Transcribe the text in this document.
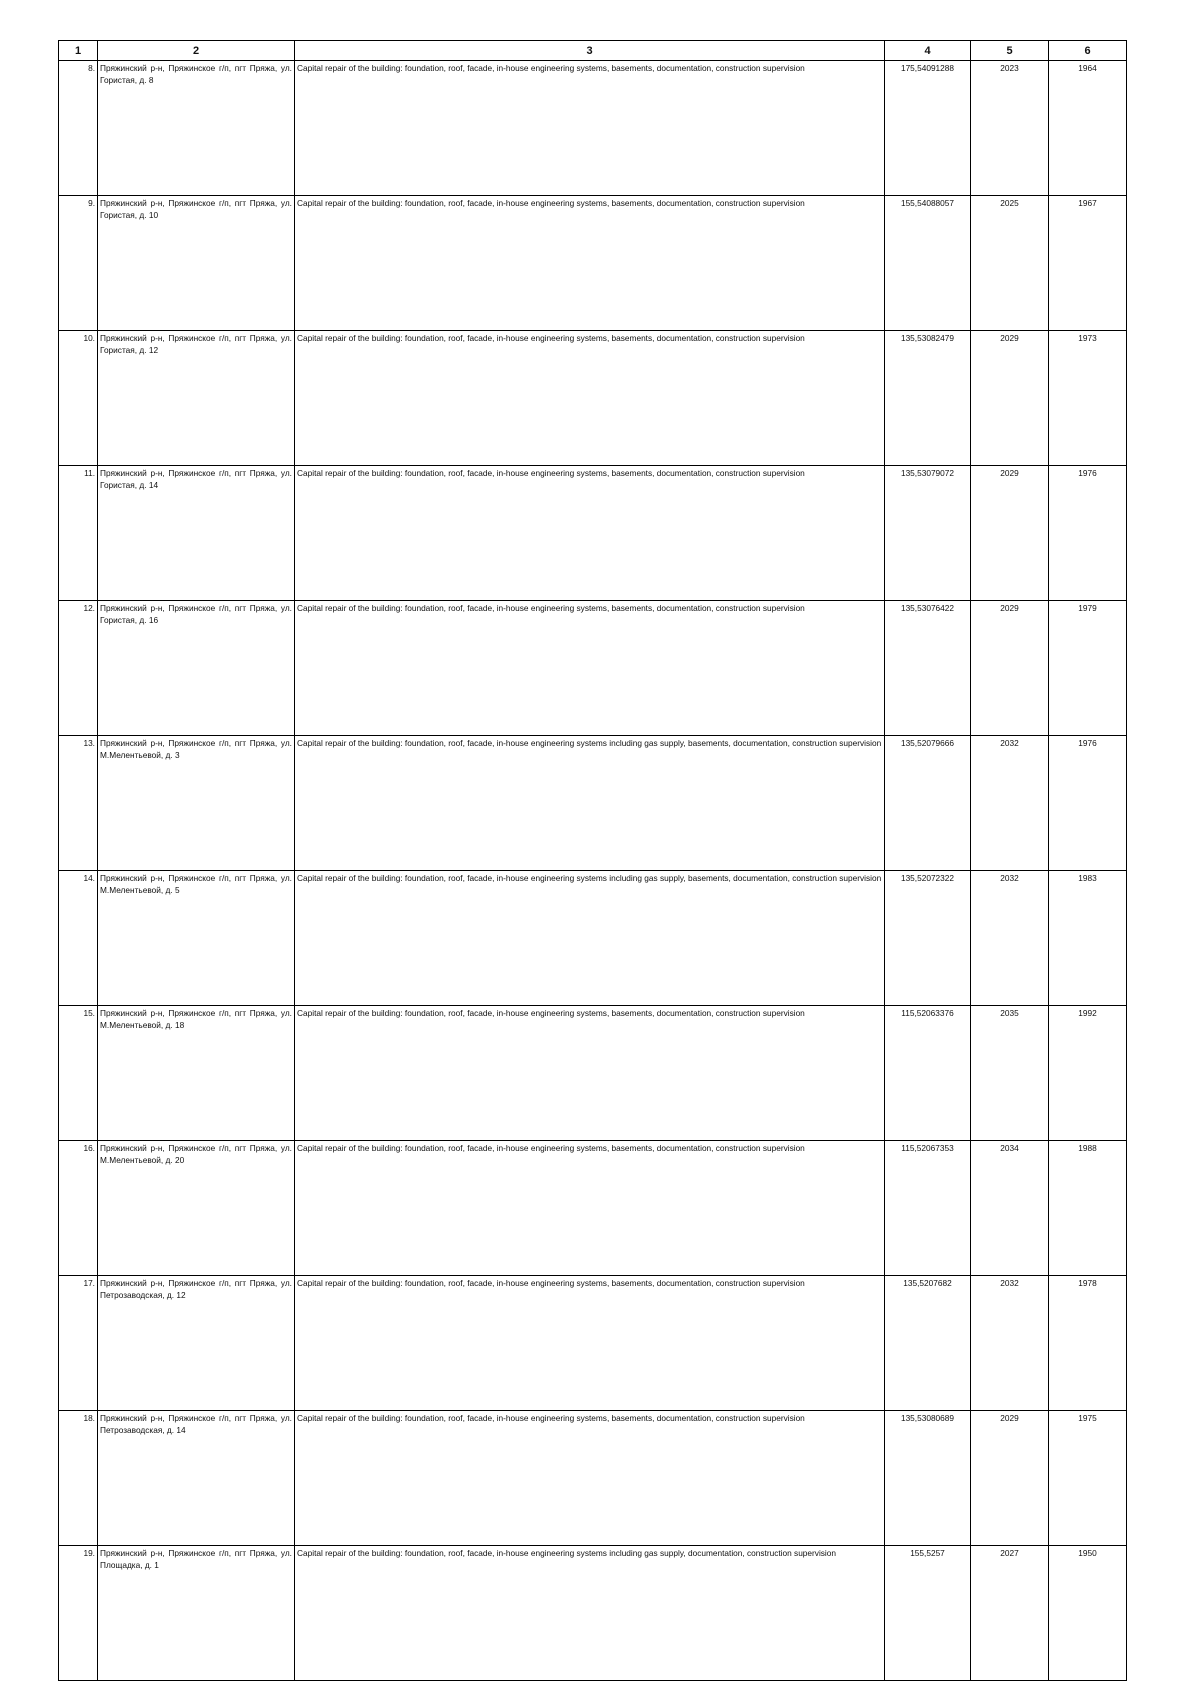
1	2	3	4	5	6
8.	Пряжинский р-н, Пряжинское г/п, пгт Пряжа, ул. Гористая, д. 8	Capital repair of the building: foundation, roof, facade, in-house engineering systems, basements, documentation, construction supervision	175,54091288	2023	1964
9.	Пряжинский р-н, Пряжинское г/п, пгт Пряжа, ул. Гористая, д. 10	Capital repair of the building: foundation, roof, facade, in-house engineering systems, basements, documentation, construction supervision	155,54088057	2025	1967
10.	Пряжинский р-н, Пряжинское г/п, пгт Пряжа, ул. Гористая, д. 12	Capital repair of the building: foundation, roof, facade, in-house engineering systems, basements, documentation, construction supervision	135,53082479	2029	1973
11.	Пряжинский р-н, Пряжинское г/п, пгт Пряжа, ул. Гористая, д. 14	Capital repair of the building: foundation, roof, facade, in-house engineering systems, basements, documentation, construction supervision	135,53079072	2029	1976
12.	Пряжинский р-н, Пряжинское г/п, пгт Пряжа, ул. Гористая, д. 16	Capital repair of the building: foundation, roof, facade, in-house engineering systems, basements, documentation, construction supervision	135,53076422	2029	1979
13.	Пряжинский р-н, Пряжинское г/п, пгт Пряжа, ул. М.Мелентьевой, д. 3	Capital repair of the building: foundation, roof, facade, in-house engineering systems including gas supply, basements, documentation, construction supervision	135,52079666	2032	1976
14.	Пряжинский р-н, Пряжинское г/п, пгт Пряжа, ул. М.Мелентьевой, д. 5	Capital repair of the building: foundation, roof, facade, in-house engineering systems including gas supply, basements, documentation, construction supervision	135,52072322	2032	1983
15.	Пряжинский р-н, Пряжинское г/п, пгт Пряжа, ул. М.Мелентьевой, д. 18	Capital repair of the building: foundation, roof, facade, in-house engineering systems, basements, documentation, construction supervision	115,52063376	2035	1992
16.	Пряжинский р-н, Пряжинское г/п, пгт Пряжа, ул. М.Мелентьевой, д. 20	Capital repair of the building: foundation, roof, facade, in-house engineering systems, basements, documentation, construction supervision	115,52067353	2034	1988
17.	Пряжинский р-н, Пряжинское г/п, пгт Пряжа, ул. Петрозаводская, д. 12	Capital repair of the building: foundation, roof, facade, in-house engineering systems, basements, documentation, construction supervision	135,5207682	2032	1978
18.	Пряжинский р-н, Пряжинское г/п, пгт Пряжа, ул. Петрозаводская, д. 14	Capital repair of the building: foundation, roof, facade, in-house engineering systems, basements, documentation, construction supervision	135,53080689	2029	1975
19.	Пряжинский р-н, Пряжинское г/п, пгт Пряжа, ул. Площадка, д. 1	Capital repair of the building: foundation, roof, facade, in-house engineering systems including gas supply, documentation, construction supervision	155,5257	2027	1950
